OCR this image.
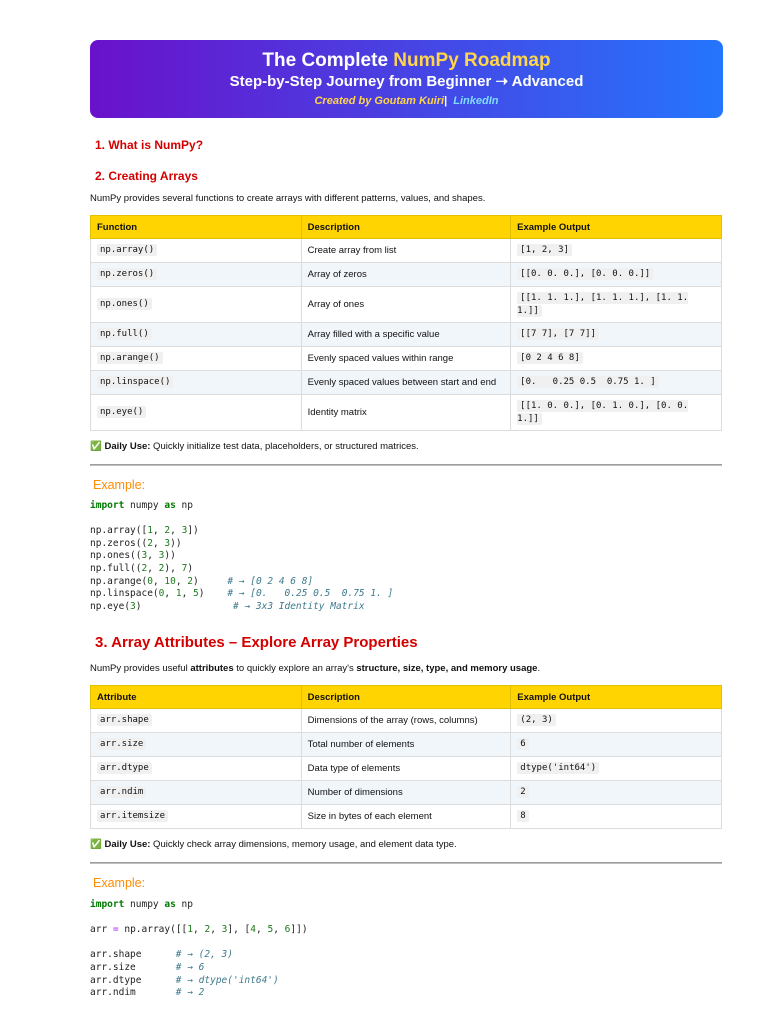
The Complete NumPy Roadmap
Step-by-Step Journey from Beginner ➝ Advanced
Created by Goutam Kuiri| LinkedIn
1. What is NumPy?
2. Creating Arrays
NumPy provides several functions to create arrays with different patterns, values, and shapes.
Function	Description	Example Output
np.array()	Create array from list	[1, 2, 3]
np.zeros()	Array of zeros	[[0. 0. 0.], [0. 0. 0.]]
np.ones()	Array of ones	[[1. 1. 1.], [1. 1. 1.], [1. 1. 1.]]
np.full()	Array filled with a specific value	[[7 7], [7 7]]
np.arange()	Evenly spaced values within range	[0 2 4 6 8]
np.linspace()	Evenly spaced values between start and end	[0.   0.25 0.5  0.75 1. ]
np.eye()	Identity matrix	[[1. 0. 0.], [0. 1. 0.], [0. 0. 1.]]
✅ Daily Use: Quickly initialize test data, placeholders, or structured matrices.
Example:
import numpy as np

np.array([1, 2, 3])
np.zeros((2, 3))
np.ones((3, 3))
np.full((2, 2), 7)
np.arange(0, 10, 2)     # → [0 2 4 6 8]
np.linspace(0, 1, 5)    # → [0.   0.25 0.5  0.75 1. ]
np.eye(3)                # → 3x3 Identity Matrix
3. Array Attributes – Explore Array Properties
NumPy provides useful attributes to quickly explore an array's structure, size, type, and memory usage.
Attribute	Description	Example Output
arr.shape	Dimensions of the array (rows, columns)	(2, 3)
arr.size	Total number of elements	6
arr.dtype	Data type of elements	dtype('int64')
arr.ndim	Number of dimensions	2
arr.itemsize	Size in bytes of each element	8
✅ Daily Use: Quickly check array dimensions, memory usage, and element data type.
Example:
import numpy as np

arr = np.array([[1, 2, 3], [4, 5, 6]])

arr.shape	# → (2, 3)
arr.size	# → 6
arr.dtype	# → dtype('int64')
arr.ndim	# → 2
